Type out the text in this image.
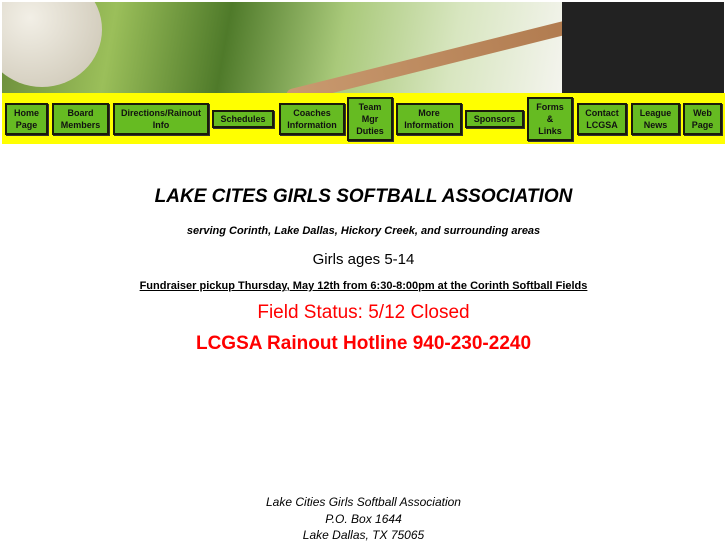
Home Page
Board Members
Directions/Rainout Info
Schedules
Coaches Information
Team Mgr Duties
More Information
Sponsors
Forms & Links
Contact LCGSA
League News
Web Page
LAKE CITES GIRLS SOFTBALL ASSOCIATION
serving Corinth, Lake Dallas, Hickory Creek, and surrounding areas
Girls ages 5-14
Fundraiser pickup Thursday, May 12th from 6:30-8:00pm at the Corinth Softball Fields
Field Status: 5/12 Closed
LCGSA Rainout Hotline 940-230-2240
Lake Cities Girls Softball Association
P.O. Box 1644
Lake Dallas, TX 75065
